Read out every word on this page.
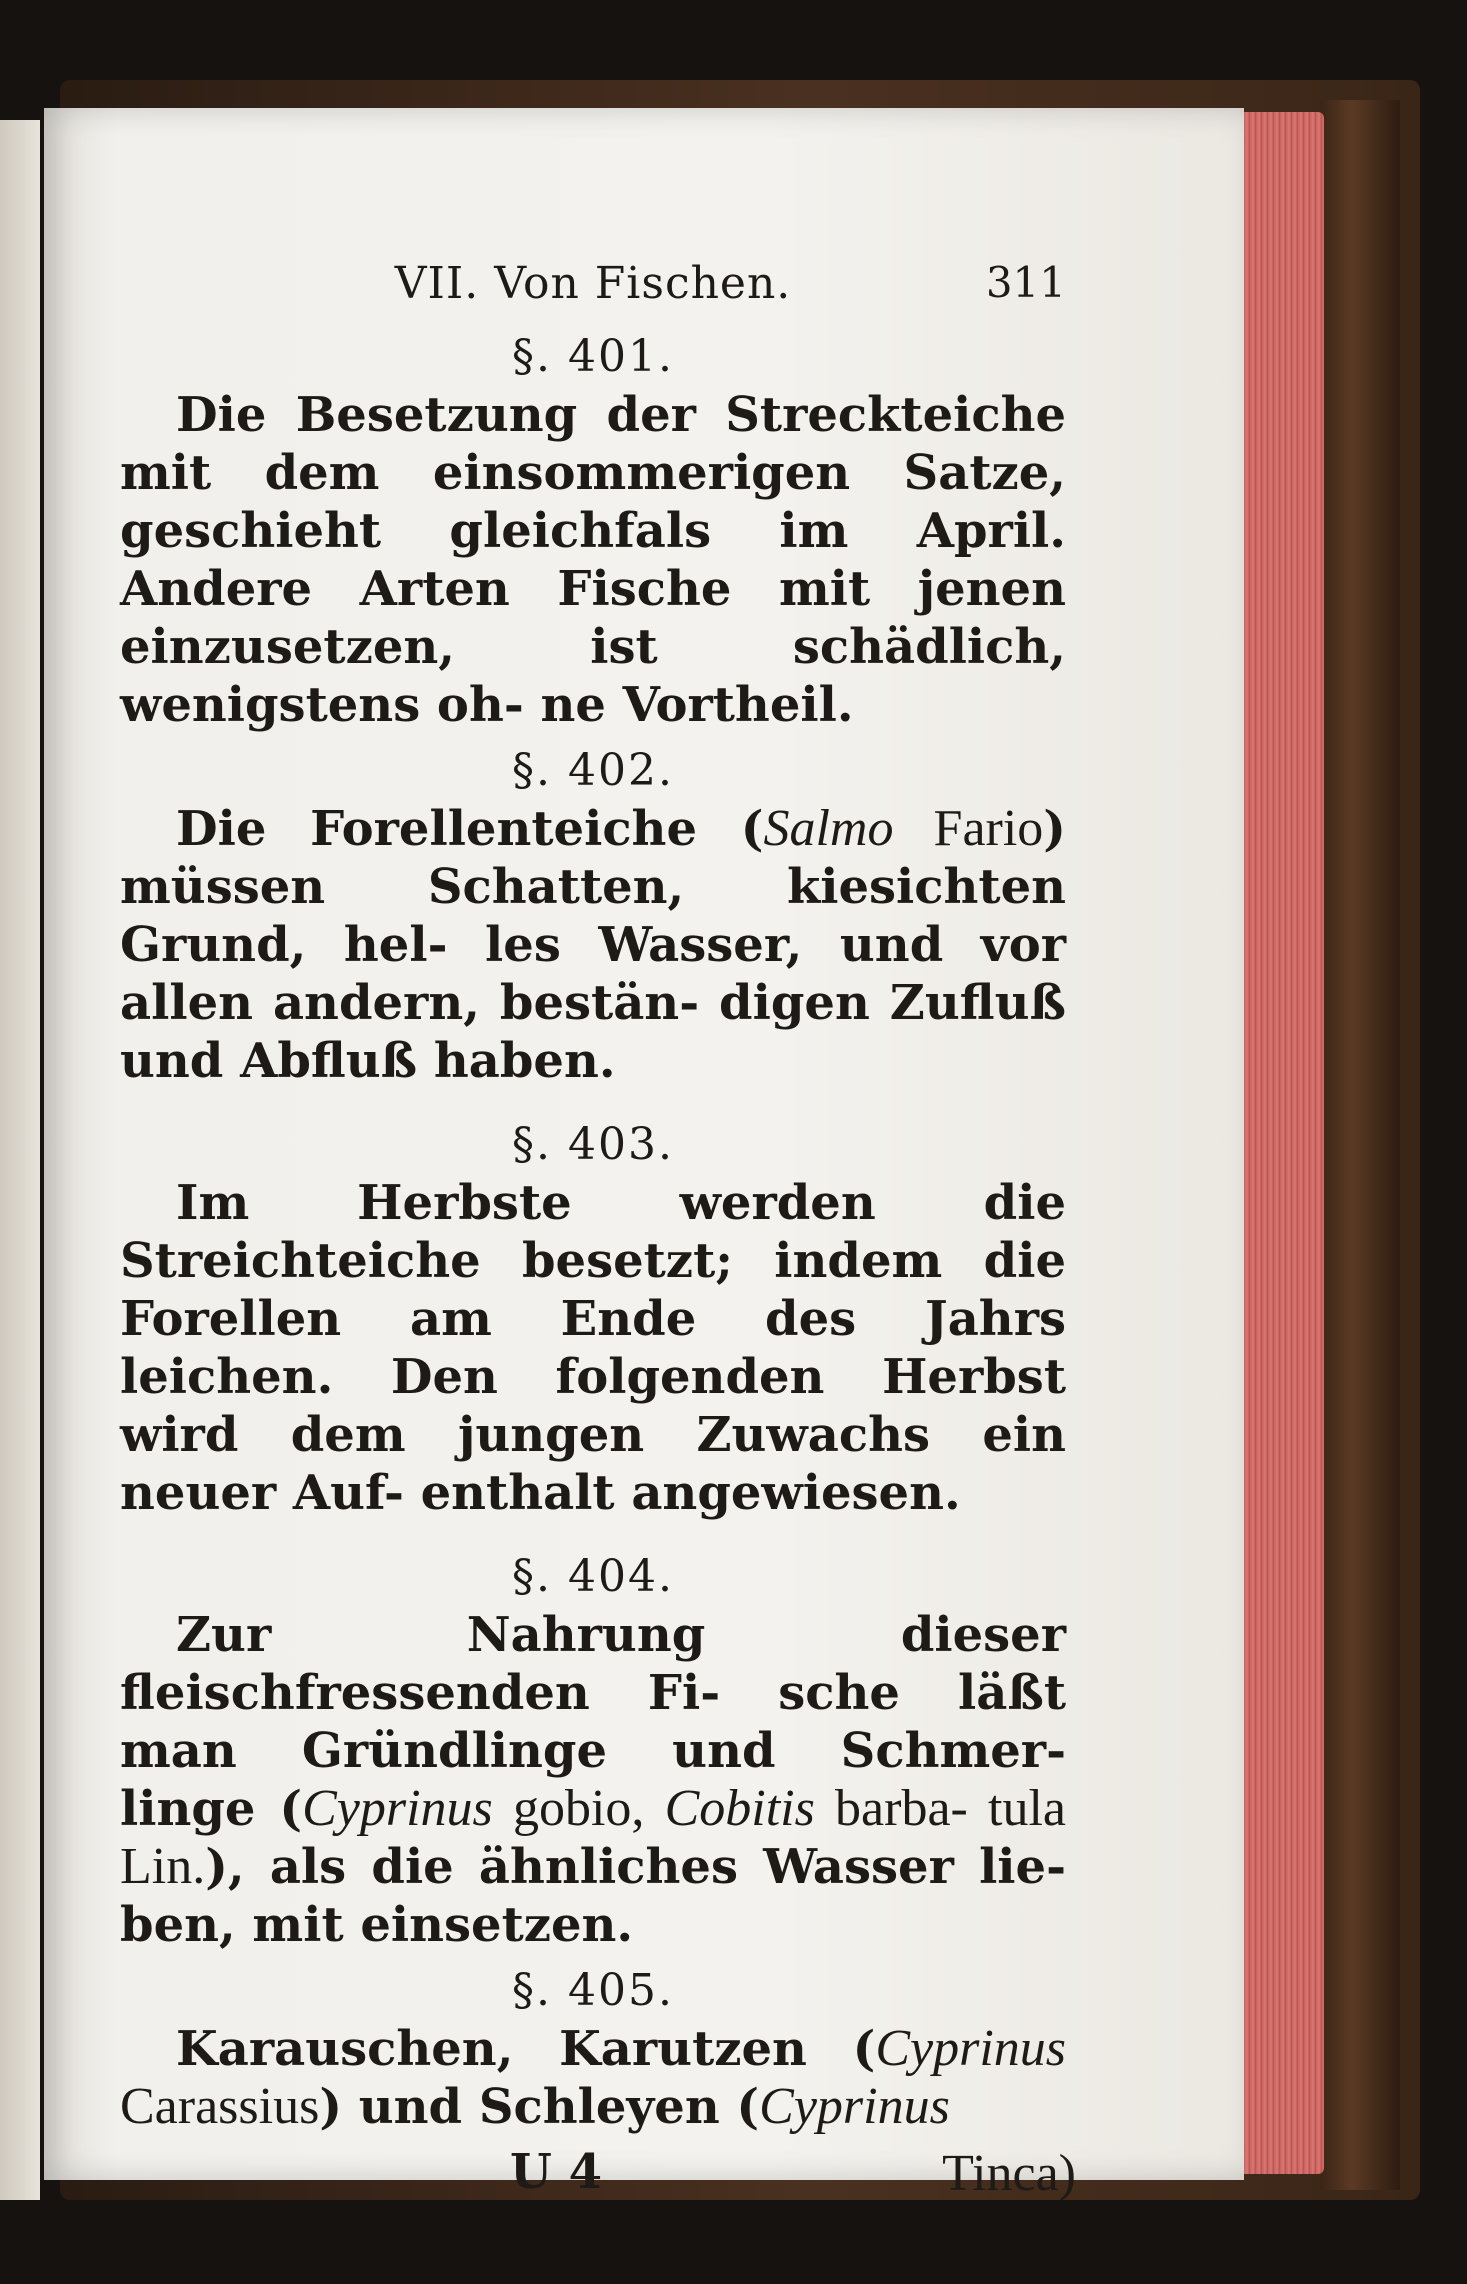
VII. Von Fischen.	311
§. 401.

Die Besetzung der Streckteiche mit dem einsommerigen Satze, geschieht gleichfals im April. Andere Arten Fische mit jenen einzusetzen, ist schädlich, wenigstens oh- ne Vortheil.

§. 402.

Die Forellenteiche (Salmo Fario) müssen Schatten, kiesichten Grund, hel- les Wasser, und vor allen andern, bestän- digen Zufluß und Abfluß haben.

§. 403.

Im Herbste werden die Streichteiche besetzt; indem die Forellen am Ende des Jahrs leichen. Den folgenden Herbst wird dem jungen Zuwachs ein neuer Auf- enthalt angewiesen.

§. 404.

Zur Nahrung dieser fleischfressenden Fi- sche läßt man Gründlinge und Schmer- linge (Cyprinus gobio, Cobitis barba- tula Lin.), als die ähnliches Wasser lie- ben, mit einsetzen.

§. 405.

Karauschen, Karutzen (Cyprinus Carassius) und Schleyen (Cyprinus

U 4	Tinca)
